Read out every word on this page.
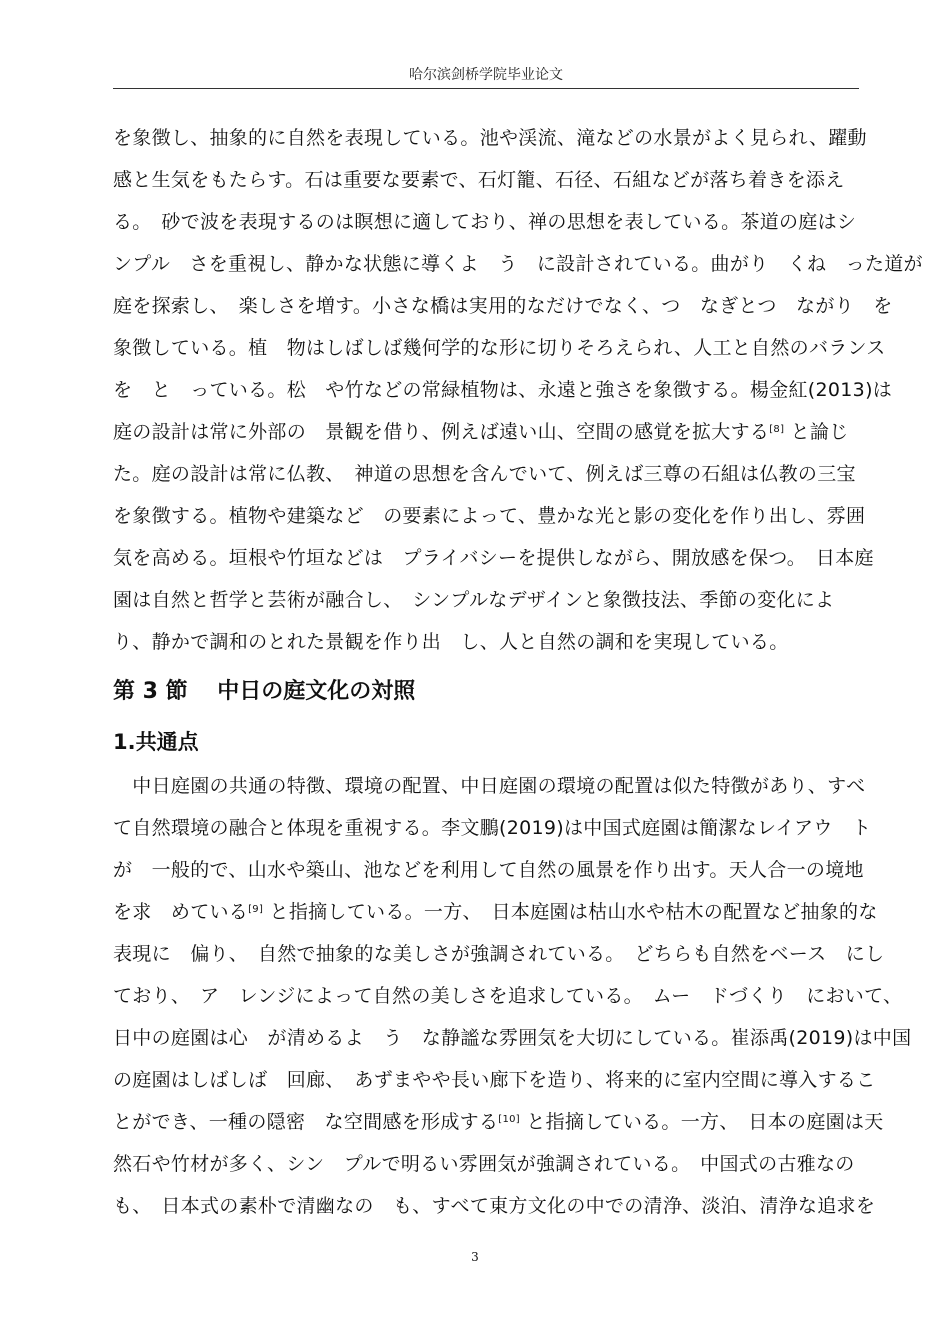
哈尔滨剑桥学院毕业论文
を象徴し、抽象的に自然を表現している。池や渓流、滝などの水景がよく見られ、躍動
感と生気をもたらす。石は重要な要素で、石灯籠、石径、石組などが落ち着きを添え
る。　砂で波を表現するのは瞑想に適しており、禅の思想を表している。茶道の庭はシ
ンプル　さを重視し、静かな状態に導くよ　う　に設計されている。曲がり　くね　った道が
庭を探索し、　楽しさを増す。小さな橋は実用的なだけでなく、つ　なぎとつ　ながり　を
象徴している。植　物はしばしば幾何学的な形に切りそろえられ、人工と自然のバランス
を　と　っている。松　や竹などの常緑植物は、永遠と強さを象徴する。楊金紅(2013)は
庭の設計は常に外部の　景観を借り、例えば遠い山、空間の感覚を拡大する[8] と論じ
た。庭の設計は常に仏教、　神道の思想を含んでいて、例えば三尊の石組は仏教の三宝
を象徴する。植物や建築など　の要素によって、豊かな光と影の変化を作り出し、雰囲
気を高める。垣根や竹垣などは　プライバシーを提供しながら、開放感を保つ。　日本庭
園は自然と哲学と芸術が融合し、　シンプルなデザインと象徴技法、季節の変化によ
り、静かで調和のとれた景観を作り出　し、人と自然の調和を実現している。
第 3 節　 中日の庭文化の対照
1.共通点
　中日庭園の共通の特徴、環境の配置、中日庭園の環境の配置は似た特徴があり、すべ
て自然環境の融合と体現を重視する。李文鵬(2019)は中国式庭園は簡潔なレイアウ　ト
が　一般的で、山水や築山、池などを利用して自然の風景を作り出す。天人合一の境地
を求　めている[9] と指摘している。一方、　日本庭園は枯山水や枯木の配置など抽象的な
表現に　偏り、　自然で抽象的な美しさが強調されている。　どちらも自然をベース　にし
ており、　ア　レンジによって自然の美しさを追求している。　ムー　ドづくり　において、
日中の庭園は心　が清めるよ　う　な静謐な雰囲気を大切にしている。崔添禹(2019)は中国
の庭園はしばしば　回廊、　あずまやや長い廊下を造り、将来的に室内空間に導入するこ
とができ、一種の隠密　な空間感を形成する[10] と指摘している。一方、　日本の庭園は天
然石や竹材が多く、シン　プルで明るい雰囲気が強調されている。　中国式の古雅なの
も、　日本式の素朴で清幽なの　も、すべて東方文化の中での清浄、淡泊、清浄な追求を
3
